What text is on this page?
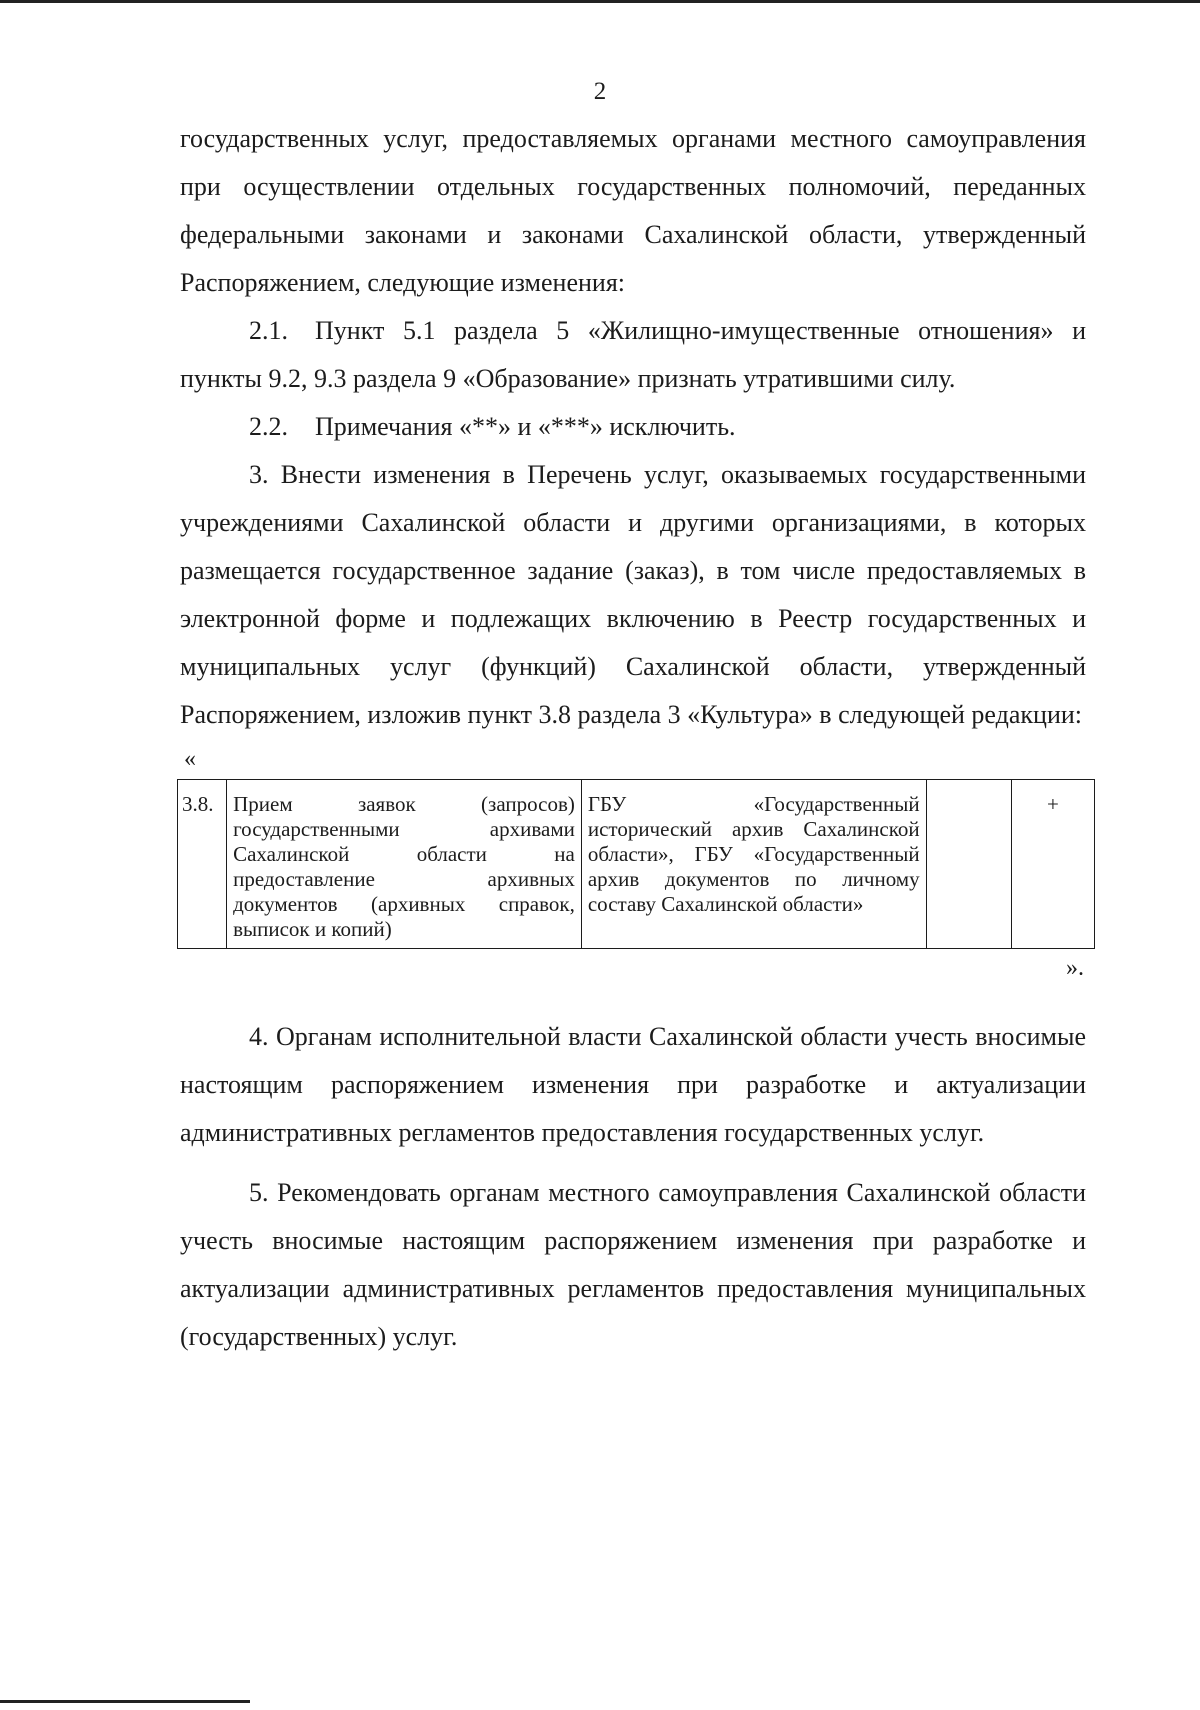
2

государственных услуг, предоставляемых органами местного самоуправления при осуществлении отдельных государственных полномочий, переданных федеральными законами и законами Сахалинской области, утвержденный Распоряжением, следующие изменения:

2.1. Пункт 5.1 раздела 5 «Жилищно-имущественные отношения» и пункты 9.2, 9.3 раздела 9 «Образование» признать утратившими силу.

2.2. Примечания «**» и «***» исключить.

3. Внести изменения в Перечень услуг, оказываемых государственными учреждениями Сахалинской области и другими организациями, в которых размещается государственное задание (заказ), в том числе предоставляемых в электронной форме и подлежащих включению в Реестр государственных и муниципальных услуг (функций) Сахалинской области, утвержденный Распоряжением, изложив пункт 3.8 раздела 3 «Культура» в следующей редакции:

«
3.8.	Прием заявок (запросов) государственными архивами Сахалинской области на предоставление архивных документов (архивных справок, выписок и копий)	ГБУ «Государственный исторический архив Сахалинской области», ГБУ «Государственный архив документов по личному составу Сахалинской области»		+
».

4. Органам исполнительной власти Сахалинской области учесть вносимые настоящим распоряжением изменения при разработке и актуализации административных регламентов предоставления государственных услуг.

5. Рекомендовать органам местного самоуправления Сахалинской области учесть вносимые настоящим распоряжением изменения при разработке и актуализации административных регламентов предоставления муниципальных (государственных) услуг.
